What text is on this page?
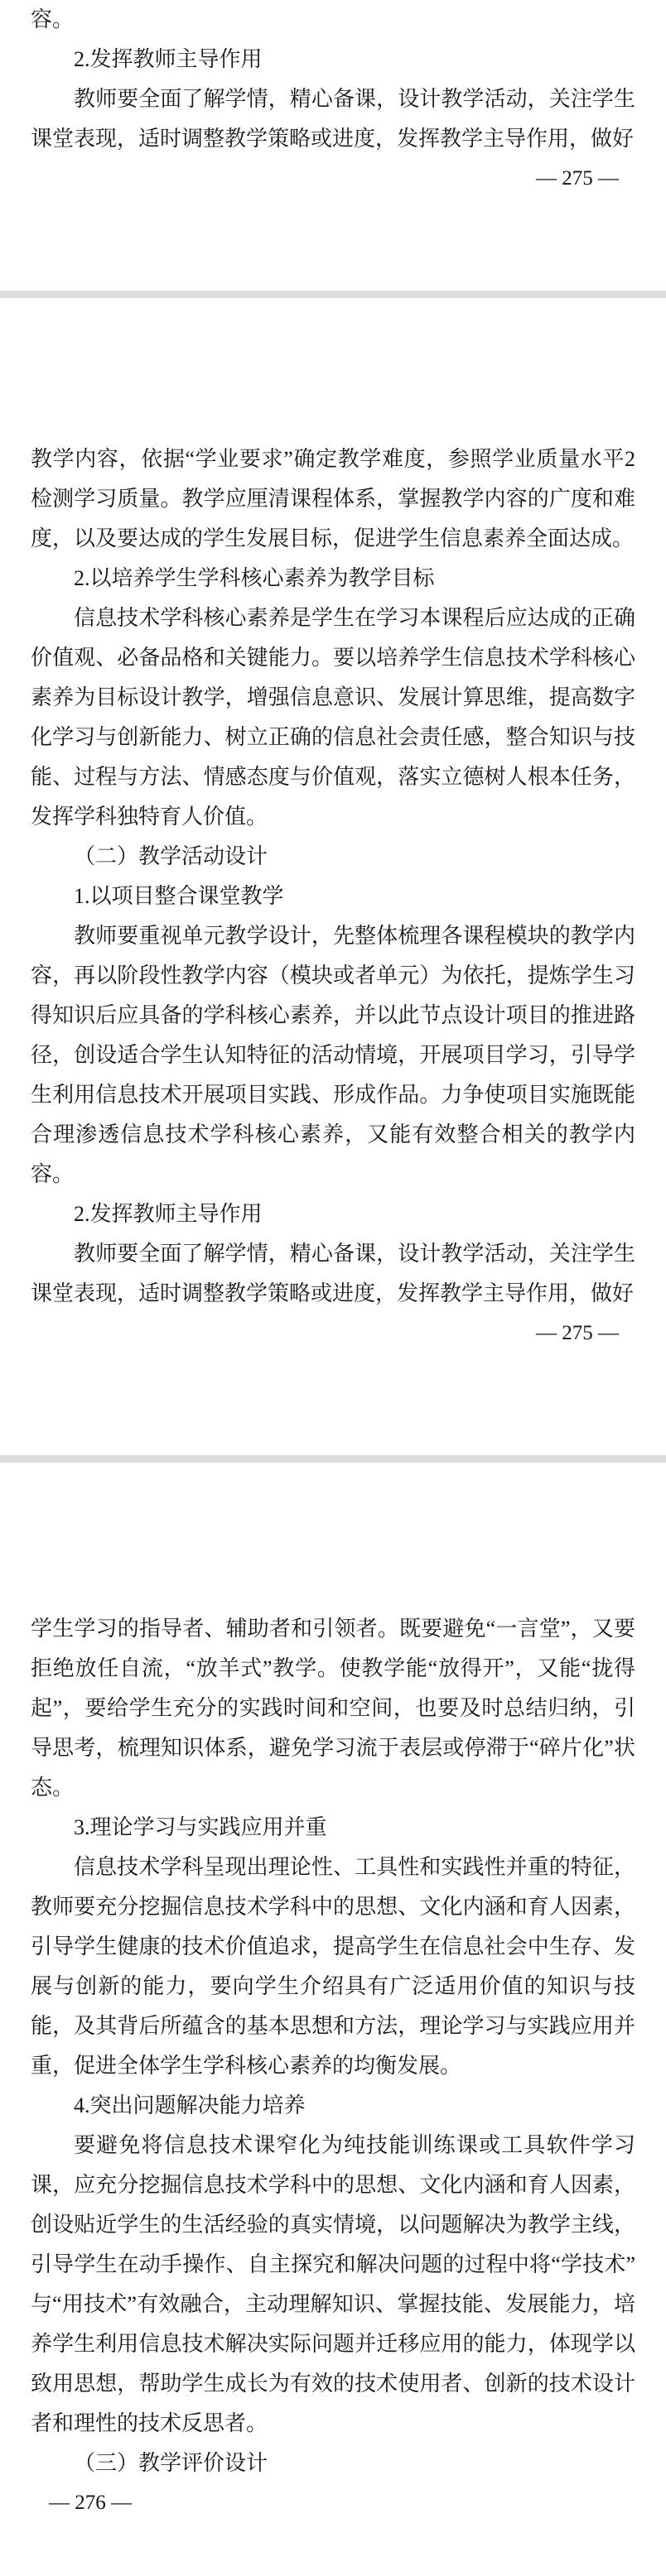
容。

2.发挥教师主导作用

教师要全面了解学情，精心备课，设计教学活动，关注学生课堂表现，适时调整教学策略或进度，发挥教学主导作用，做好

— 275 —

教学内容，依据“学业要求”确定教学难度，参照学业质量水平2检测学习质量。教学应厘清课程体系，掌握教学内容的广度和难度，以及要达成的学生发展目标，促进学生信息素养全面达成。

2.以培养学生学科核心素养为教学目标

信息技术学科核心素养是学生在学习本课程后应达成的正确价值观、必备品格和关键能力。要以培养学生信息技术学科核心素养为目标设计教学，增强信息意识、发展计算思维，提高数字化学习与创新能力、树立正确的信息社会责任感，整合知识与技能、过程与方法、情感态度与价值观，落实立德树人根本任务，发挥学科独特育人价值。

（二）教学活动设计

1.以项目整合课堂教学

教师要重视单元教学设计，先整体梳理各课程模块的教学内容，再以阶段性教学内容（模块或者单元）为依托，提炼学生习得知识后应具备的学科核心素养，并以此节点设计项目的推进路径，创设适合学生认知特征的活动情境，开展项目学习，引导学生利用信息技术开展项目实践、形成作品。力争使项目实施既能合理渗透信息技术学科核心素养，又能有效整合相关的教学内容。

2.发挥教师主导作用

教师要全面了解学情，精心备课，设计教学活动，关注学生课堂表现，适时调整教学策略或进度，发挥教学主导作用，做好

— 275 —

学生学习的指导者、辅助者和引领者。既要避免“一言堂”，又要拒绝放任自流，“放羊式”教学。使教学能“放得开”，又能“拢得起”，要给学生充分的实践时间和空间，也要及时总结归纳，引导思考，梳理知识体系，避免学习流于表层或停滞于“碎片化”状态。

3.理论学习与实践应用并重

信息技术学科呈现出理论性、工具性和实践性并重的特征，教师要充分挖掘信息技术学科中的思想、文化内涵和育人因素，引导学生健康的技术价值追求，提高学生在信息社会中生存、发展与创新的能力，要向学生介绍具有广泛适用价值的知识与技能，及其背后所蕴含的基本思想和方法，理论学习与实践应用并重，促进全体学生学科核心素养的均衡发展。

4.突出问题解决能力培养

要避免将信息技术课窄化为纯技能训练课或工具软件学习课，应充分挖掘信息技术学科中的思想、文化内涵和育人因素，创设贴近学生的生活经验的真实情境，以问题解决为教学主线，引导学生在动手操作、自主探究和解决问题的过程中将“学技术”与“用技术”有效融合，主动理解知识、掌握技能、发展能力，培养学生利用信息技术解决实际问题并迁移应用的能力，体现学以致用思想，帮助学生成长为有效的技术使用者、创新的技术设计者和理性的技术反思者。

（三）教学评价设计

— 276 —
